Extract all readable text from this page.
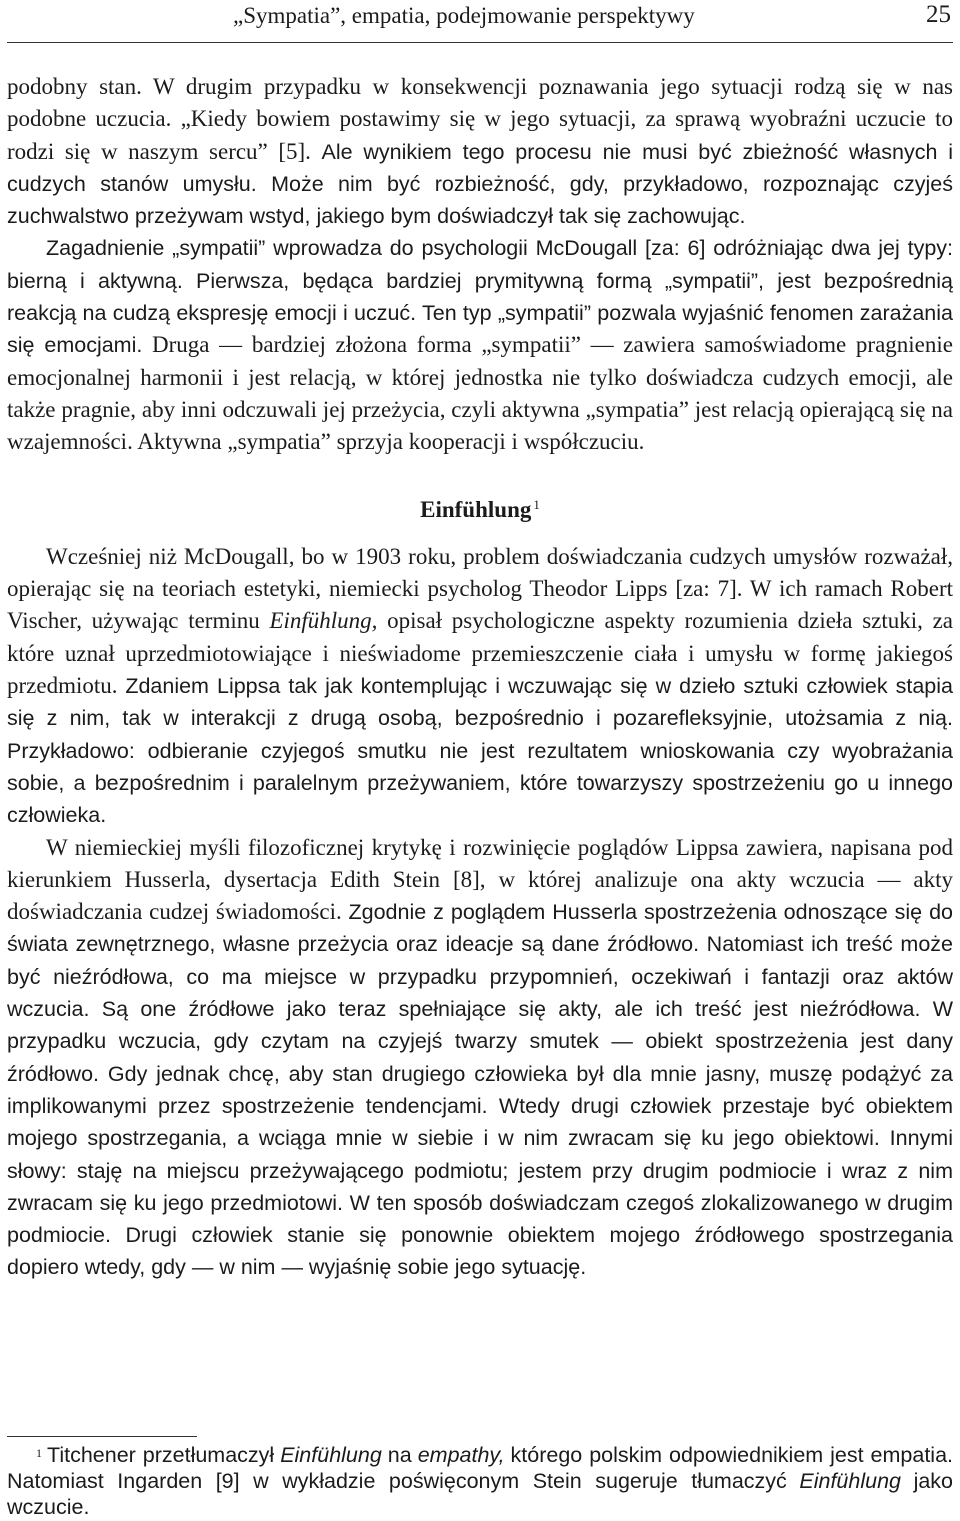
„Sympatia”, empatia, podejmowanie perspektywy	25

podobny stan. W drugim przypadku w konsekwencji poznawania jego sytuacji rodzą się w nas podobne uczucia. „Kiedy bowiem postawimy się w jego sytuacji, za sprawą wyobraźni uczucie to rodzi się w naszym sercu” [5]. Ale wynikiem tego procesu nie musi być zbieżność własnych i cudzych stanów umysłu. Może nim być rozbieżność, gdy, przykładowo, rozpoznając czyjeś zuchwalstwo przeżywam wstyd, jakiego bym doświadczył tak się zachowując.

Zagadnienie „sympatii” wprowadza do psychologii McDougall [za: 6] odróżniając dwa jej typy: bierną i aktywną. Pierwsza, będąca bardziej prymitywną formą „sympatii”, jest bezpośrednią reakcją na cudzą ekspresję emocji i uczuć. Ten typ „sympatii” pozwala wyjaśnić fenomen zarażania się emocjami. Druga — bardziej złożona forma „sympatii” — zawiera samoświadome pragnienie emocjonalnej harmonii i jest relacją, w której jednostka nie tylko doświadcza cudzych emocji, ale także pragnie, aby inni odczuwali jej przeżycia, czyli aktywna „sympatia” jest relacją opierającą się na wzajemności. Aktywna „sympatia” sprzyja kooperacji i współczuciu.

Einfühlung $^1$

Wcześniej niż McDougall, bo w 1903 roku, problem doświadczania cudzych umysłów rozważał, opierając się na teoriach estetyki, niemiecki psycholog Theodor Lipps [za: 7]. W ich ramach Robert Vischer, używając terminu Einfühlung, opisał psychologiczne aspekty rozumienia dzieła sztuki, za które uznał uprzedmiotowiające i nieświadome przemieszczenie ciała i umysłu w formę jakiegoś przedmiotu. Zdaniem Lippsa tak jak kontemplując i wczuwając się w dzieło sztuki człowiek stapia się z nim, tak w interakcji z drugą osobą, bezpośrednio i pozarefleksyjnie, utożsamia z nią. Przykładowo: odbieranie czyjegoś smutku nie jest rezultatem wnioskowania czy wyobrażania sobie, a bezpośrednim i paralelnym przeżywaniem, które towarzyszy spostrzeżeniu go u innego człowieka.

W niemieckiej myśli filozoficznej krytykę i rozwinięcie poglądów Lippsa zawiera, napisana pod kierunkiem Husserla, dysertacja Edith Stein [8], w której analizuje ona akty wczucia — akty doświadczania cudzej świadomości. Zgodnie z poglądem Husserla spostrzeżenia odnoszące się do świata zewnętrznego, własne przeżycia oraz ideacje są dane źródłowo. Natomiast ich treść może być nieźródłowa, co ma miejsce w przypadku przypomnień, oczekiwań i fantazji oraz aktów wczucia. Są one źródłowe jako teraz spełniające się akty, ale ich treść jest nieźródłowa. W przypadku wczucia, gdy czytam na czyjejś twarzy smutek — obiekt spostrzeżenia jest dany źródłowo. Gdy jednak chcę, aby stan drugiego człowieka był dla mnie jasny, muszę podążyć za implikowanymi przez spostrzeżenie tendencjami. Wtedy drugi człowiek przestaje być obiektem mojego spostrzegania, a wciąga mnie w siebie i w nim zwracam się ku jego obiektowi. Innymi słowy: staję na miejscu przeżywającego podmiotu; jestem przy drugim podmiocie i wraz z nim zwracam się ku jego przedmiotowi. W ten sposób doświadczam czegoś zlokalizowanego w drugim podmiocie. Drugi człowiek stanie się ponownie obiektem mojego źródłowego spostrzegania dopiero wtedy, gdy — w nim — wyjaśnię sobie jego sytuację.

$^1$ Titchener przetłumaczył Einfühlung na empathy, którego polskim odpowiednikiem jest empatia. Natomiast Ingarden [9] w wykładzie poświęconym Stein sugeruje tłumaczyć Einfühlung jako wczucie.
